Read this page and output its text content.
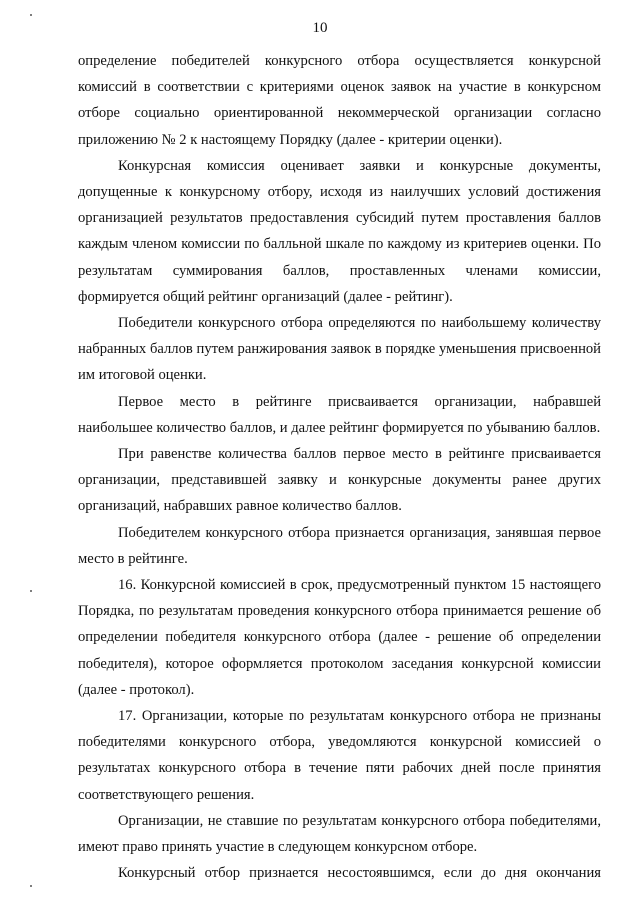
10

определение победителей конкурсного отбора осуществляется конкурсной комиссий в соответствии с критериями оценок заявок на участие в конкурсном отборе социально ориентированной некоммерческой организации согласно приложению № 2 к настоящему Порядку (далее - критерии оценки).

Конкурсная комиссия оценивает заявки и конкурсные документы, допущенные к конкурсному отбору, исходя из наилучших условий достижения организацией результатов предоставления субсидий путем проставления баллов каждым членом комиссии по балльной шкале по каждому из критериев оценки. По результатам суммирования баллов, проставленных членами комиссии, формируется общий рейтинг организаций (далее - рейтинг).

Победители конкурсного отбора определяются по наибольшему количеству набранных баллов путем ранжирования заявок в порядке уменьшения присвоенной им итоговой оценки.

Первое место в рейтинге присваивается организации, набравшей наибольшее количество баллов, и далее рейтинг формируется по убыванию баллов.

При равенстве количества баллов первое место в рейтинге присваивается организации, представившей заявку и конкурсные документы ранее других организаций, набравших равное количество баллов.

Победителем конкурсного отбора признается организация, занявшая первое место в рейтинге.

16. Конкурсной комиссией в срок, предусмотренный пунктом 15 настоящего Порядка, по результатам проведения конкурсного отбора принимается решение об определении победителя конкурсного отбора (далее - решение об определении победителя), которое оформляется протоколом заседания конкурсной комиссии (далее - протокол).

17. Организации, которые по результатам конкурсного отбора не признаны победителями конкурсного отбора, уведомляются конкурсной комиссией о результатах конкурсного отбора в течение пяти рабочих дней после принятия соответствующего решения.

Организации, не ставшие по результатам конкурсного отбора победителями, имеют право принять участие в следующем конкурсном отборе.

Конкурсный отбор признается несостоявшимся, если до дня окончания
